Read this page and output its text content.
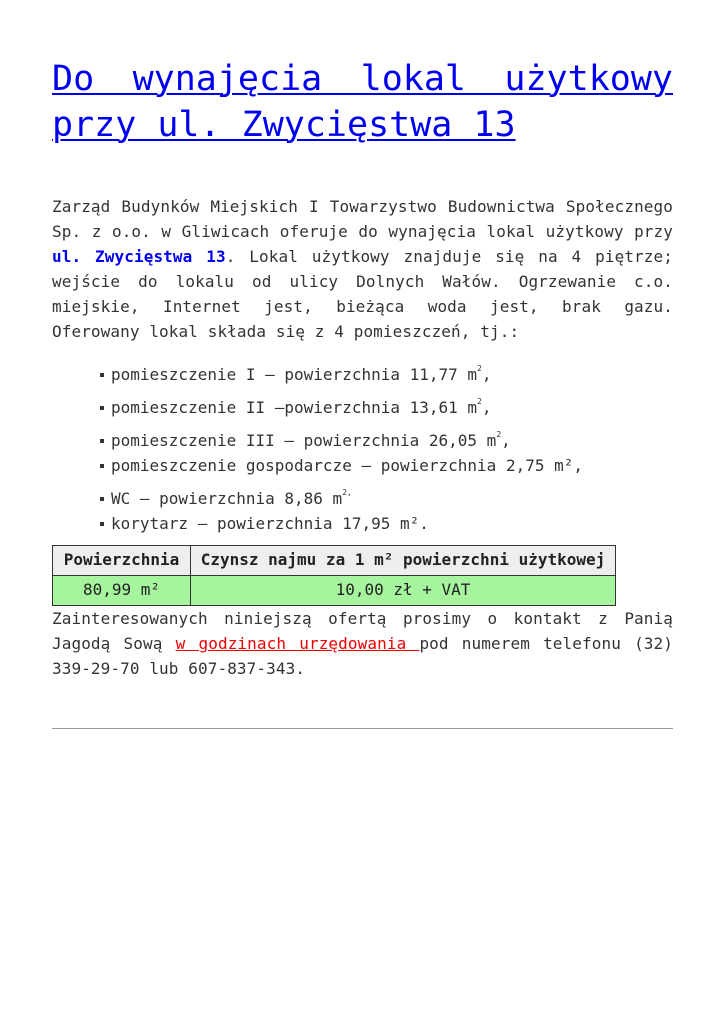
Do wynajęcia lokal użytkowy przy ul. Zwycięstwa 13

Zarząd Budynków Miejskich I Towarzystwo Budownictwa Społecznego Sp. z o.o. w Gliwicach oferuje do wynajęcia lokal użytkowy przy ul. Zwycięstwa 13. Lokal użytkowy znajduje się na 4 piętrze; wejście do lokalu od ulicy Dolnych Wałów. Ogrzewanie c.o. miejskie, Internet jest, bieżąca woda jest, brak gazu. Oferowany lokal składa się z 4 pomieszczeń, tj.:

pomieszczenie I – powierzchnia 11,77 $m^2$,
pomieszczenie II –powierzchnia 13,61 $m^2$,
pomieszczenie III – powierzchnia 26,05 $m^2$,
pomieszczenie gospodarcze – powierzchnia 2,75 m²,
WC – powierzchnia 8,86 $m^{2,}$
korytarz – powierzchnia 17,95 m².
Powierzchnia	Czynsz najmu za 1 m² powierzchni użytkowej
80,99 m²	10,00 zł + VAT

Zainteresowanych niniejszą ofertą prosimy o kontakt z Panią Jagodą Sową w godzinach urzędowania pod numerem telefonu (32) 339-29-70 lub 607-837-343.
